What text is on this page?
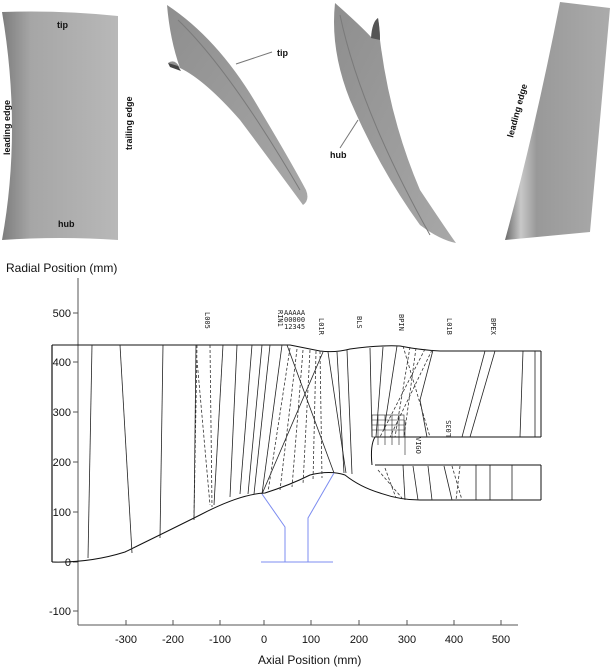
tip
hub
leading edge	trailing edge
tip
hub
leading edge
Radial Position (mm)
Axial Position (mm)
500
400
300
200
100
0
-100
-300 -200 -100	0	100	200	300	400	500
L005	RIN1 AAAAA
00000
12345 L01R	BLS	BPIN	L01B	BPEX
VIGO
L03S
